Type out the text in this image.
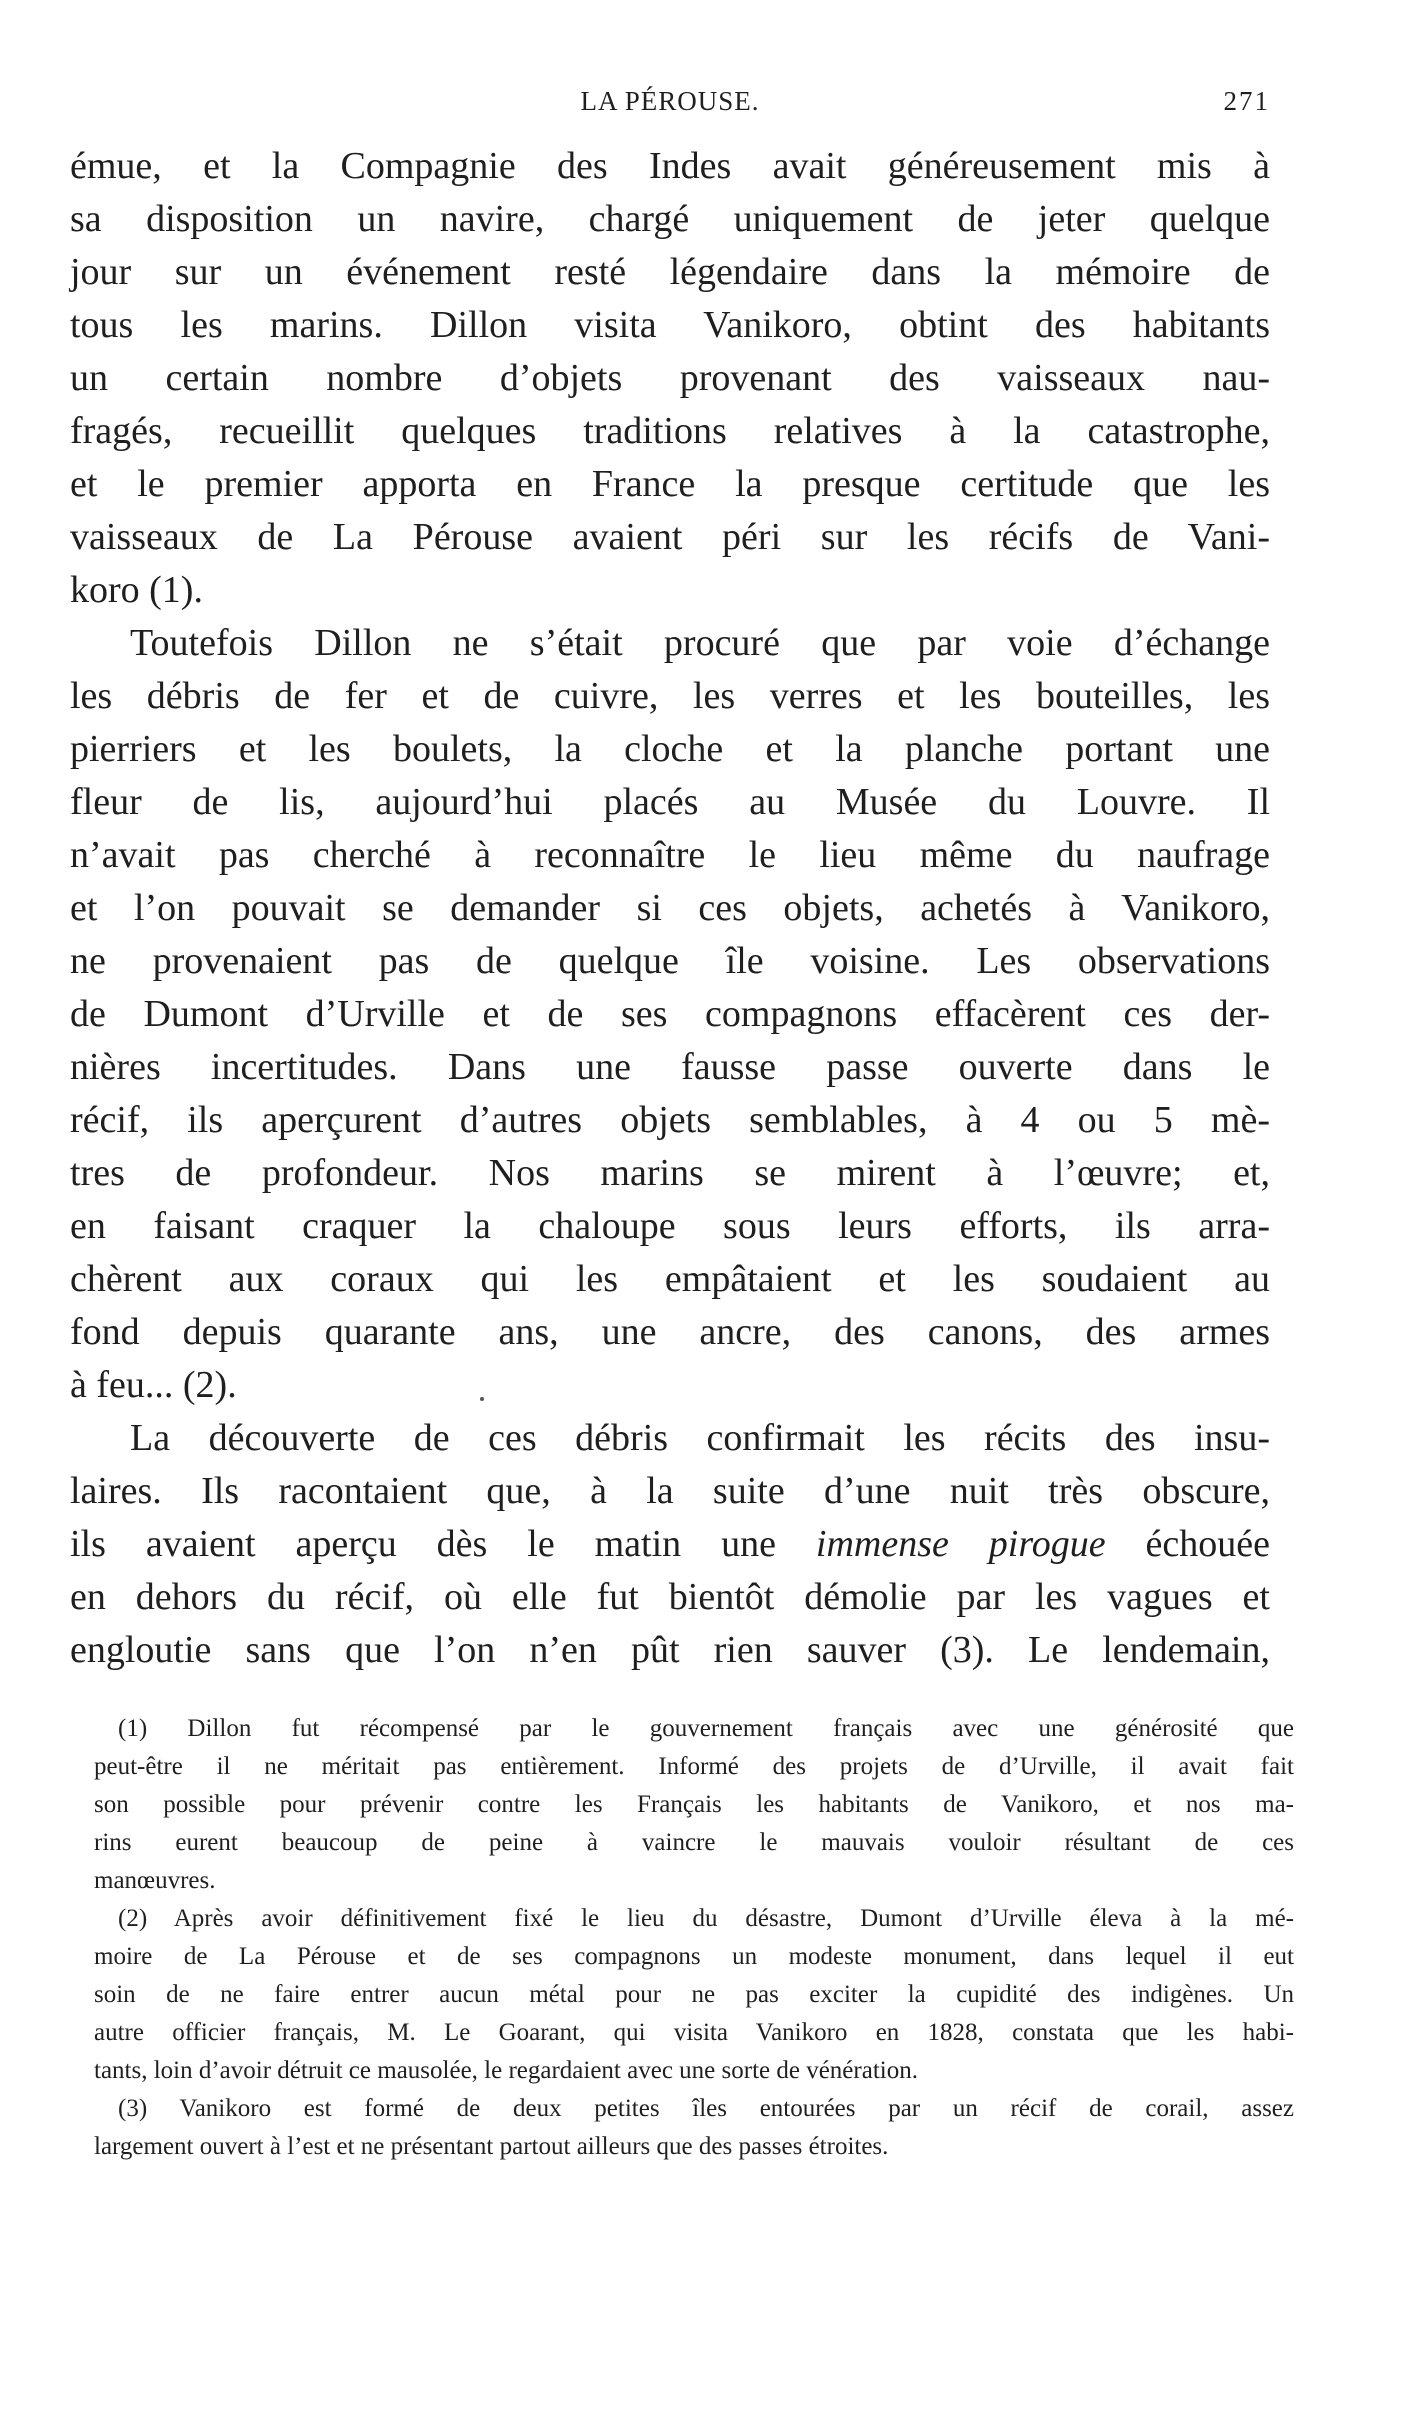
LA PÉROUSE.	271
émue, et la Compagnie des Indes avait généreusement mis à
sa disposition un navire, chargé uniquement de jeter quelque
jour sur un événement resté légendaire dans la mémoire de
tous les marins. Dillon visita Vanikoro, obtint des habitants
un certain nombre d’objets provenant des vaisseaux nau-
fragés, recueillit quelques traditions relatives à la catastrophe,
et le premier apporta en France la presque certitude que les
vaisseaux de La Pérouse avaient péri sur les récifs de Vani-
koro (1).
Toutefois Dillon ne s’était procuré que par voie d’échange
les débris de fer et de cuivre, les verres et les bouteilles, les
pierriers et les boulets, la cloche et la planche portant une
fleur de lis, aujourd’hui placés au Musée du Louvre. Il
n’avait pas cherché à reconnaître le lieu même du naufrage
et l’on pouvait se demander si ces objets, achetés à Vanikoro,
ne provenaient pas de quelque île voisine. Les observations
de Dumont d’Urville et de ses compagnons effacèrent ces der-
nières incertitudes. Dans une fausse passe ouverte dans le
récif, ils aperçurent d’autres objets semblables, à 4 ou 5 mè-
tres de profondeur. Nos marins se mirent à l’œuvre; et,
en faisant craquer la chaloupe sous leurs efforts, ils arra-
chèrent aux coraux qui les empâtaient et les soudaient au
fond depuis quarante ans, une ancre, des canons, des armes
à feu... (2).
La découverte de ces débris confirmait les récits des insu-
laires. Ils racontaient que, à la suite d’une nuit très obscure,
ils avaient aperçu dès le matin une immense pirogue échouée
en dehors du récif, où elle fut bientôt démolie par les vagues et
engloutie sans que l’on n’en pût rien sauver (3). Le lendemain,
(1) Dillon fut récompensé par le gouvernement français avec une générosité que
peut-être il ne méritait pas entièrement. Informé des projets de d’Urville, il avait fait
son possible pour prévenir contre les Français les habitants de Vanikoro, et nos ma-
rins eurent beaucoup de peine à vaincre le mauvais vouloir résultant de ces
manœuvres.
(2) Après avoir définitivement fixé le lieu du désastre, Dumont d’Urville éleva à la mé-
moire de La Pérouse et de ses compagnons un modeste monument, dans lequel il eut
soin de ne faire entrer aucun métal pour ne pas exciter la cupidité des indigènes. Un
autre officier français, M. Le Goarant, qui visita Vanikoro en 1828, constata que les habi-
tants, loin d’avoir détruit ce mausolée, le regardaient avec une sorte de vénération.
(3) Vanikoro est formé de deux petites îles entourées par un récif de corail, assez
largement ouvert à l’est et ne présentant partout ailleurs que des passes étroites.
